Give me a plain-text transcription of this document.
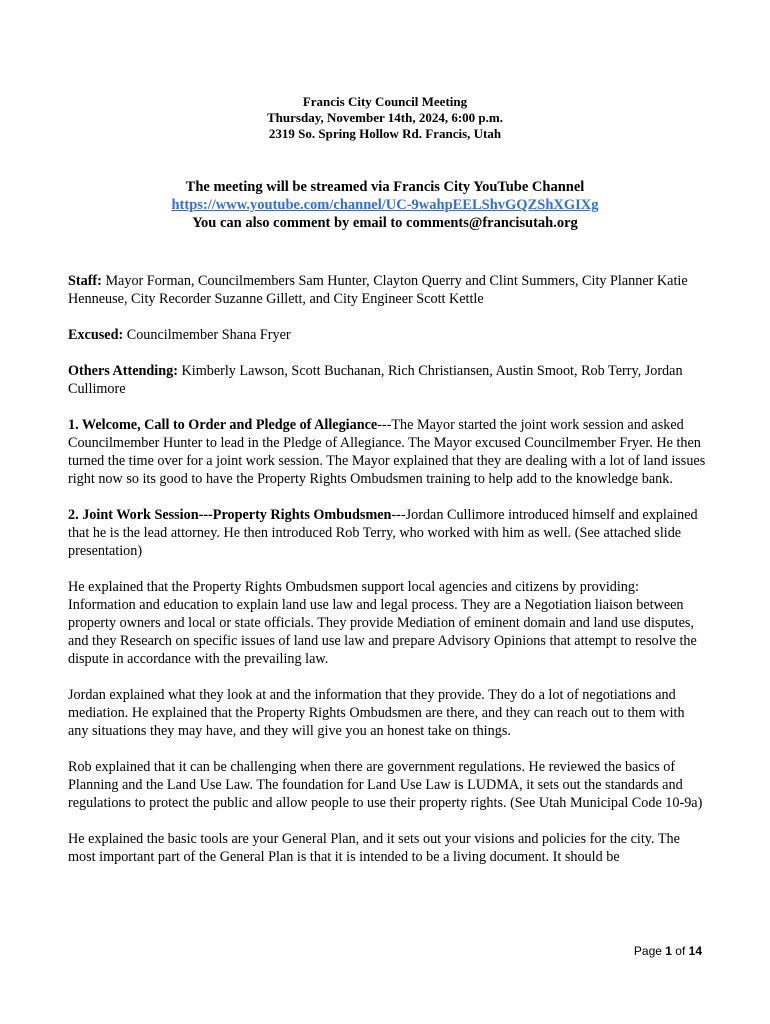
Francis City Council Meeting
Thursday, November 14th, 2024, 6:00 p.m.
2319 So. Spring Hollow Rd. Francis, Utah
The meeting will be streamed via Francis City YouTube Channel
https://www.youtube.com/channel/UC-9wahpEELShvGQZShXGIXg
You can also comment by email to comments@francisutah.org

Staff: Mayor Forman, Councilmembers Sam Hunter, Clayton Querry and Clint Summers, City Planner Katie Henneuse, City Recorder Suzanne Gillett, and City Engineer Scott Kettle

Excused: Councilmember Shana Fryer

Others Attending: Kimberly Lawson, Scott Buchanan, Rich Christiansen, Austin Smoot, Rob Terry, Jordan Cullimore

1. Welcome, Call to Order and Pledge of Allegiance---The Mayor started the joint work session and asked Councilmember Hunter to lead in the Pledge of Allegiance. The Mayor excused Councilmember Fryer. He then turned the time over for a joint work session. The Mayor explained that they are dealing with a lot of land issues right now so its good to have the Property Rights Ombudsmen training to help add to the knowledge bank.

2. Joint Work Session---Property Rights Ombudsmen---Jordan Cullimore introduced himself and explained that he is the lead attorney. He then introduced Rob Terry, who worked with him as well. (See attached slide presentation)

He explained that the Property Rights Ombudsmen support local agencies and citizens by providing: Information and education to explain land use law and legal process. They are a Negotiation liaison between property owners and local or state officials. They provide Mediation of eminent domain and land use disputes, and they Research on specific issues of land use law and prepare Advisory Opinions that attempt to resolve the dispute in accordance with the prevailing law.

Jordan explained what they look at and the information that they provide. They do a lot of negotiations and mediation. He explained that the Property Rights Ombudsmen are there, and they can reach out to them with any situations they may have, and they will give you an honest take on things.

Rob explained that it can be challenging when there are government regulations. He reviewed the basics of Planning and the Land Use Law. The foundation for Land Use Law is LUDMA, it sets out the standards and regulations to protect the public and allow people to use their property rights. (See Utah Municipal Code 10-9a)

He explained the basic tools are your General Plan, and it sets out your visions and policies for the city. The most important part of the General Plan is that it is intended to be a living document. It should be

Page 1 of 14
